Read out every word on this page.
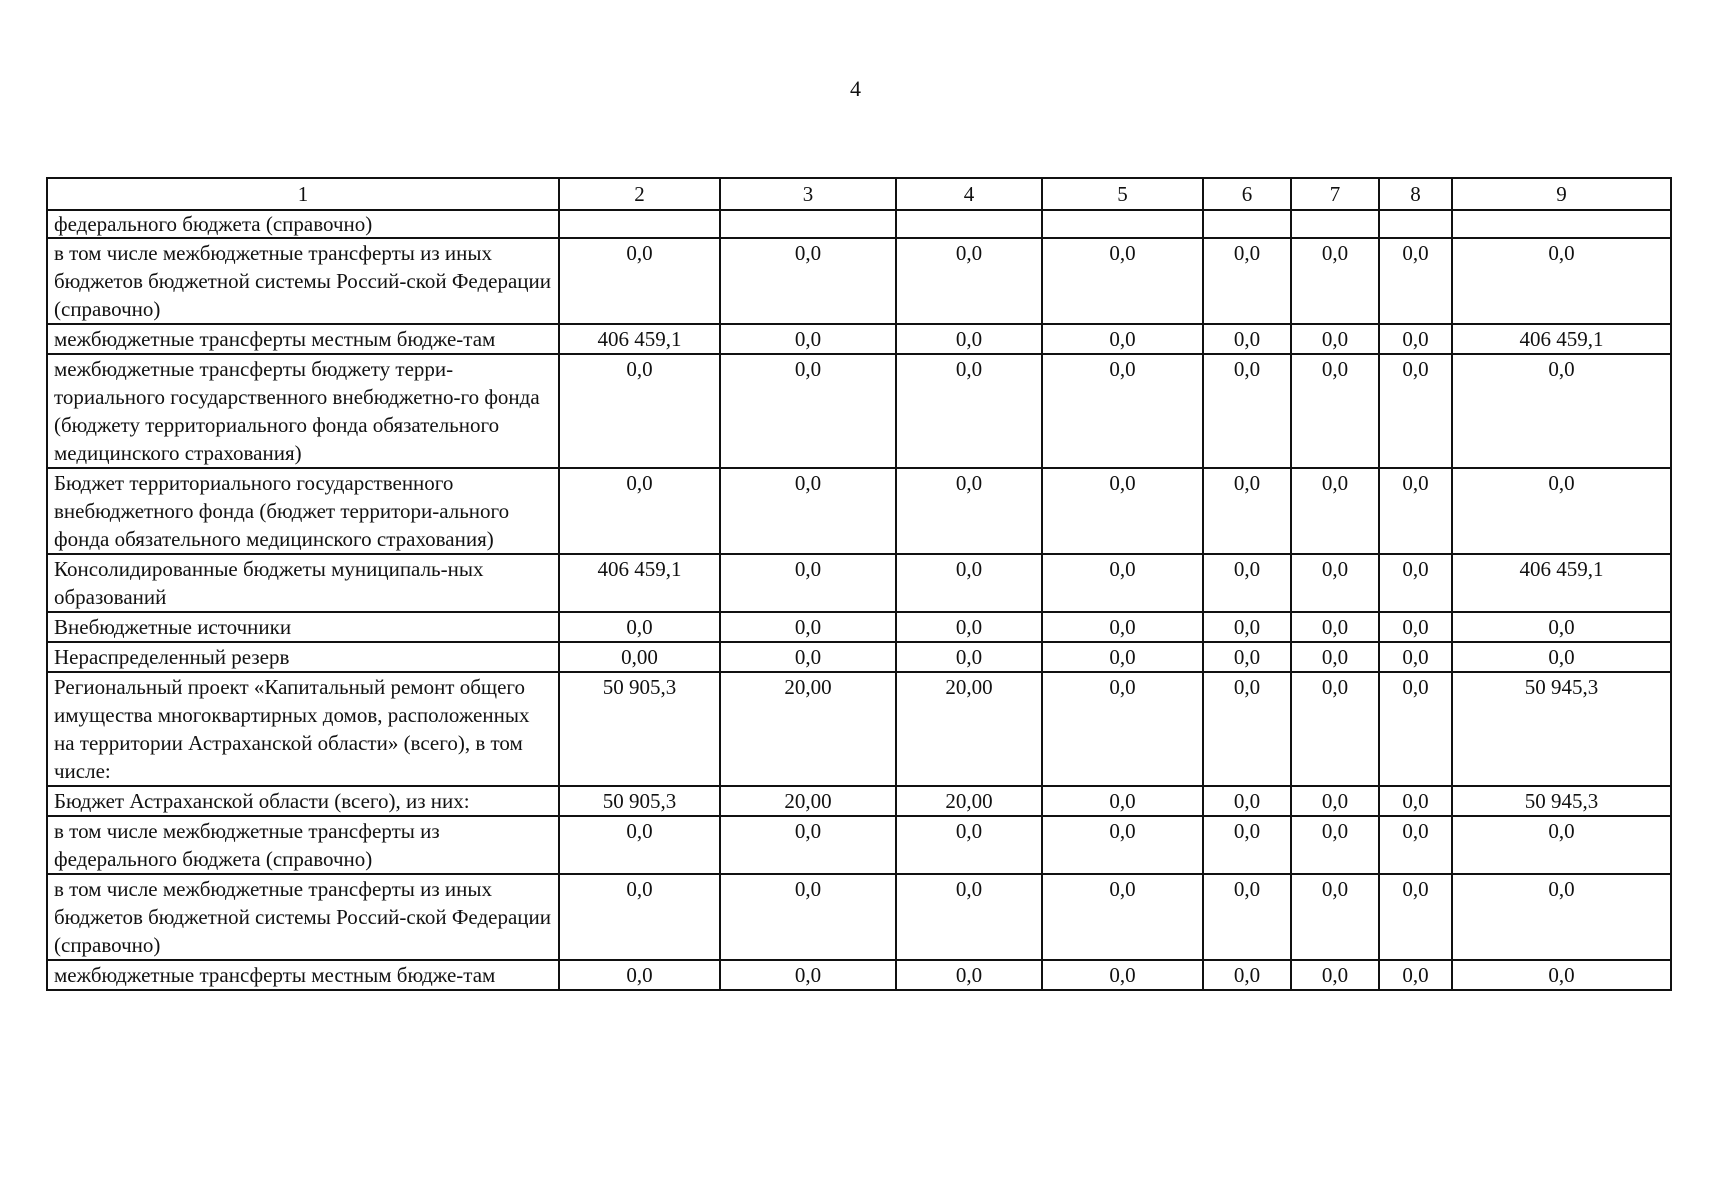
4
1	2	3	4	5	6	7	8	9
федерального бюджета (справочно)								
в том числе межбюджетные трансферты из иных бюджетов бюджетной системы Россий-ской Федерации (справочно)	0,0	0,0	0,0	0,0	0,0	0,0	0,0	0,0
межбюджетные трансферты местным бюдже-там	406 459,1	0,0	0,0	0,0	0,0	0,0	0,0	406 459,1
межбюджетные трансферты бюджету терри-ториального государственного внебюджетно-го фонда (бюджету территориального фонда обязательного медицинского страхования)	0,0	0,0	0,0	0,0	0,0	0,0	0,0	0,0
Бюджет территориального государственного внебюджетного фонда (бюджет территори-ального фонда обязательного медицинского страхования)	0,0	0,0	0,0	0,0	0,0	0,0	0,0	0,0
Консолидированные бюджеты муниципаль-ных образований	406 459,1	0,0	0,0	0,0	0,0	0,0	0,0	406 459,1
Внебюджетные источники	0,0	0,0	0,0	0,0	0,0	0,0	0,0	0,0
Нераспределенный резерв	0,00	0,0	0,0	0,0	0,0	0,0	0,0	0,0
Региональный проект «Капитальный ремонт общего имущества многоквартирных домов, расположенных на территории Астраханской области» (всего), в том числе:	50 905,3	20,00	20,00	0,0	0,0	0,0	0,0	50 945,3
Бюджет Астраханской области (всего), из них:	50 905,3	20,00	20,00	0,0	0,0	0,0	0,0	50 945,3
в том числе межбюджетные трансферты из федерального бюджета (справочно)	0,0	0,0	0,0	0,0	0,0	0,0	0,0	0,0
в том числе межбюджетные трансферты из иных бюджетов бюджетной системы Россий-ской Федерации (справочно)	0,0	0,0	0,0	0,0	0,0	0,0	0,0	0,0
межбюджетные трансферты местным бюдже-там	0,0	0,0	0,0	0,0	0,0	0,0	0,0	0,0
